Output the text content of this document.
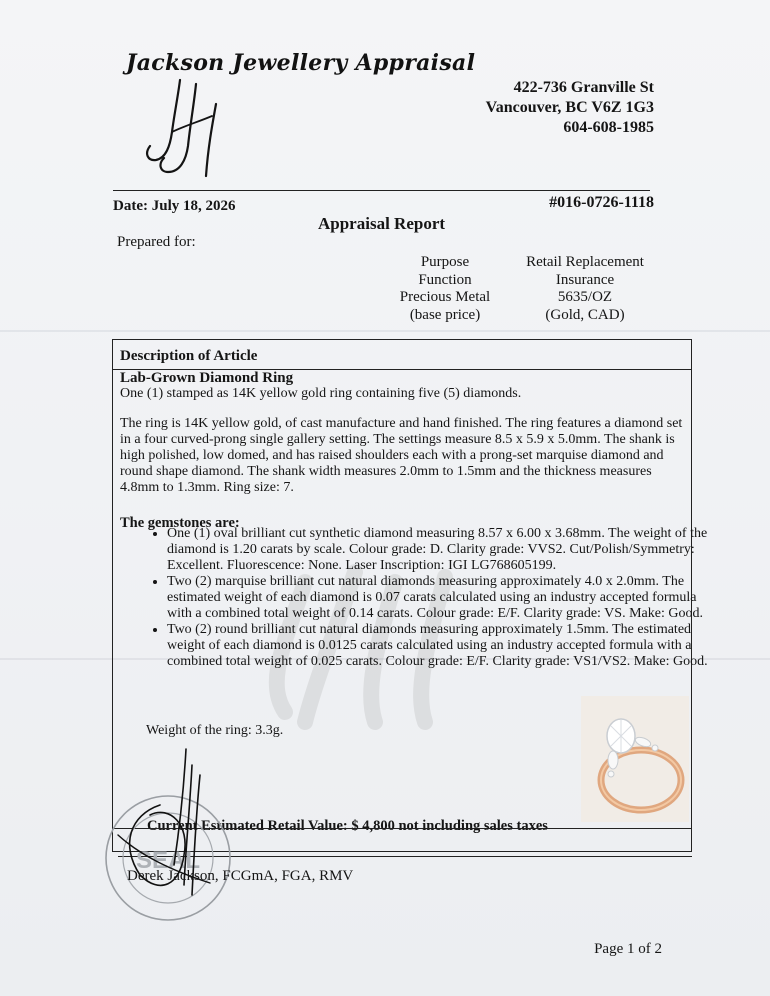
Jackson Jewellery Appraisal
422-736 Granville St
Vancouver, BC V6Z 1G3
604-608-1985
Date: July 18, 2026	#016-0726-1118
Appraisal Report
Prepared for:
Purpose
Function
Precious Metal
(base price)
Retail Replacement
Insurance
5635/OZ
(Gold, CAD)
Description of Article
Lab-Grown Diamond Ring
One (1) stamped as 14K yellow gold ring containing five (5) diamonds.
The ring is 14K yellow gold, of cast manufacture and hand finished. The ring features a diamond set in a four curved-prong single gallery setting. The settings measure 8.5 x 5.9 x 5.0mm. The shank is high polished, low domed, and has raised shoulders each with a prong-set marquise diamond and round shape diamond. The shank width measures 2.0mm to 1.5mm and the thickness measures 4.8mm to 1.3mm. Ring size: 7.
The gemstones are:
• One (1) oval brilliant cut synthetic diamond measuring 8.57 x 6.00 x 3.68mm. The weight of the diamond is 1.20 carats by scale. Colour grade: D. Clarity grade: VVS2. Cut/Polish/Symmetry: Excellent. Fluorescence: None. Laser Inscription: IGI LG768605199.
• Two (2) marquise brilliant cut natural diamonds measuring approximately 4.0 x 2.0mm. The estimated weight of each diamond is 0.07 carats calculated using an industry accepted formula with a combined total weight of 0.14 carats. Colour grade: E/F. Clarity grade: VS. Make: Good.
• Two (2) round brilliant cut natural diamonds measuring approximately 1.5mm. The estimated weight of each diamond is 0.0125 carats calculated using an industry accepted formula with a combined total weight of 0.025 carats. Colour grade: E/F. Clarity grade: VS1/VS2. Make: Good.
Weight of the ring: 3.3g.
Current Estimated Retail Value: $ 4,800 not including sales taxes
SEAL
Derek Jackson, FCGmA, FGA, RMV
Page 1 of 2
